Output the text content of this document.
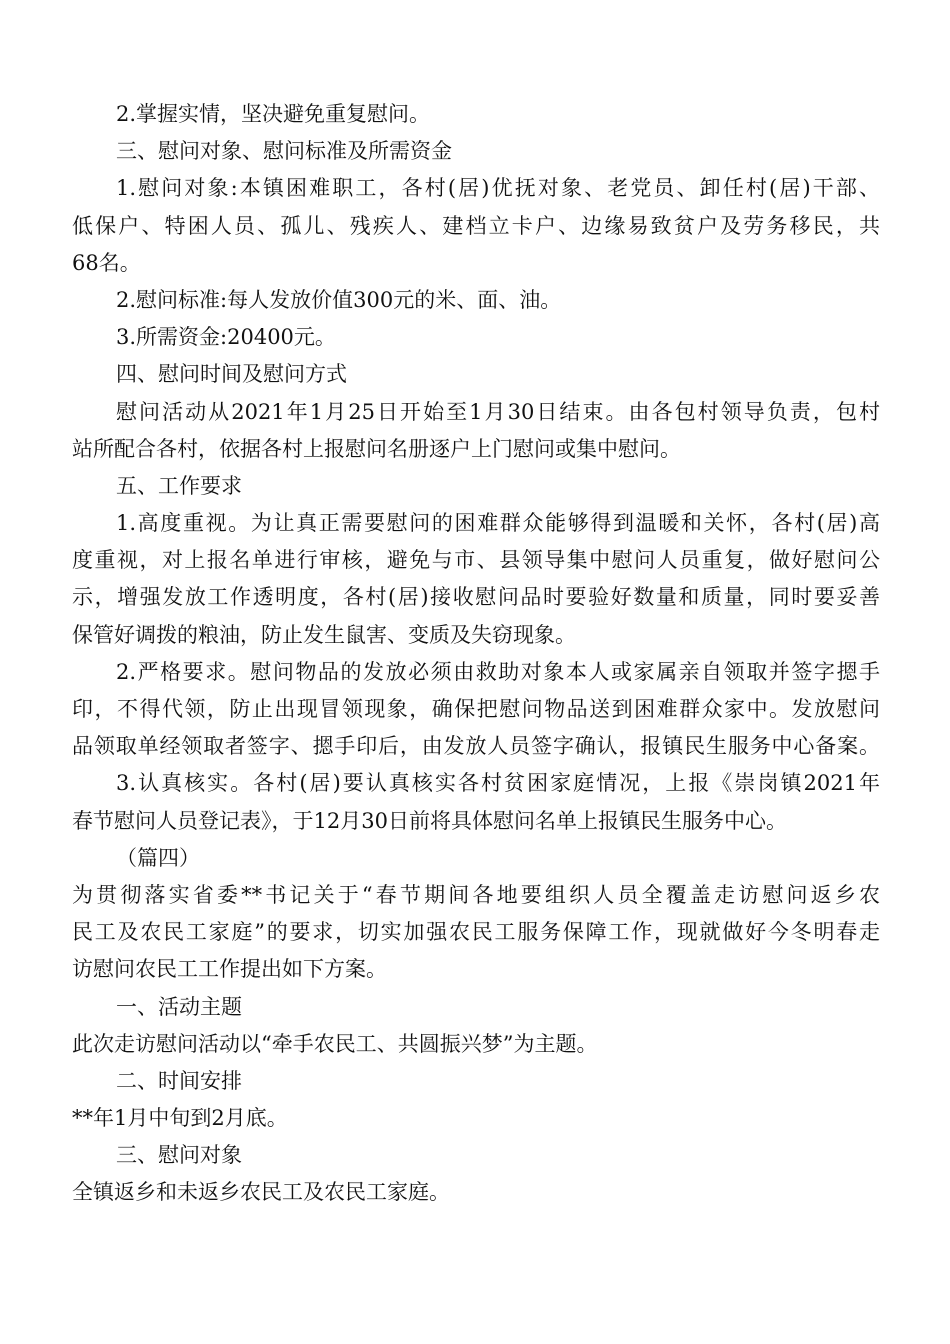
2.掌握实情，坚决避免重复慰问。
三、慰问对象、慰问标准及所需资金
1.慰问对象:本镇困难职工，各村(居)优抚对象、老党员、卸任村(居)干部、
低保户、特困人员、孤儿、残疾人、建档立卡户、边缘易致贫户及劳务移民，共
68名。
2.慰问标准:每人发放价值300元的米、面、油。
3.所需资金:20400元。
四、慰问时间及慰问方式
慰问活动从2021年1月25日开始至1月30日结束。由各包村领导负责，包村
站所配合各村，依据各村上报慰问名册逐户上门慰问或集中慰问。
五、工作要求
1.高度重视。为让真正需要慰问的困难群众能够得到温暖和关怀，各村(居)高
度重视，对上报名单进行审核，避免与市、县领导集中慰问人员重复，做好慰问公
示，增强发放工作透明度，各村(居)接收慰问品时要验好数量和质量，同时要妥善
保管好调拨的粮油，防止发生鼠害、变质及失窃现象。
2.严格要求。慰问物品的发放必须由救助对象本人或家属亲自领取并签字摁手
印，不得代领，防止出现冒领现象，确保把慰问物品送到困难群众家中。发放慰问
品领取单经领取者签字、摁手印后，由发放人员签字确认，报镇民生服务中心备案。
3.认真核实。各村(居)要认真核实各村贫困家庭情况，上报《崇岗镇2021年
春节慰问人员登记表》，于12月30日前将具体慰问名单上报镇民生服务中心。
（篇四）
为贯彻落实省委**书记关于“春节期间各地要组织人员全覆盖走访慰问返乡农
民工及农民工家庭”的要求，切实加强农民工服务保障工作，现就做好今冬明春走
访慰问农民工工作提出如下方案。
一、活动主题
此次走访慰问活动以“牵手农民工、共圆振兴梦”为主题。
二、时间安排
**年1月中旬到2月底。
三、慰问对象
全镇返乡和未返乡农民工及农民工家庭。
